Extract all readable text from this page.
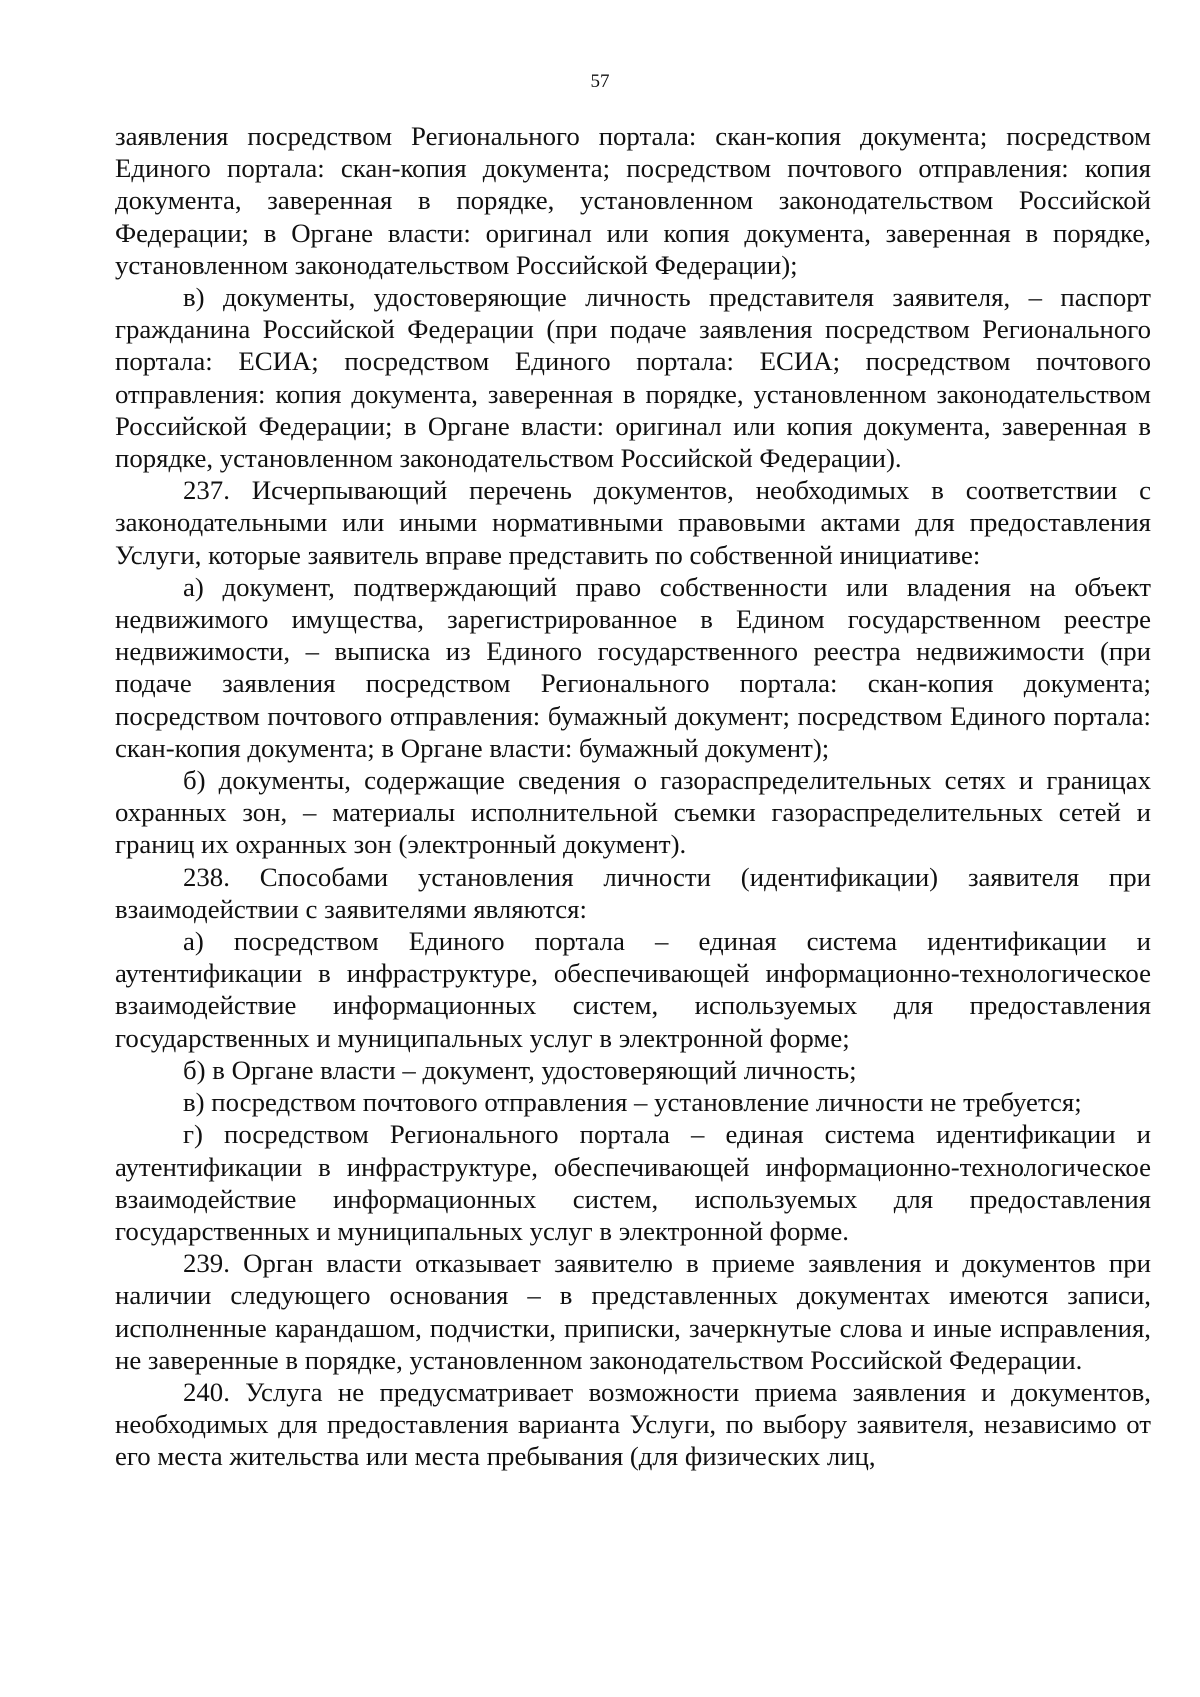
57

заявления посредством Регионального портала: скан-копия документа; посредством Единого портала: скан-копия документа; посредством почтового отправления: копия документа, заверенная в порядке, установленном законодательством Российской Федерации; в Органе власти: оригинал или копия документа, заверенная в порядке, установленном законодательством Российской Федерации);

в) документы, удостоверяющие личность представителя заявителя, – паспорт гражданина Российской Федерации (при подаче заявления посредством Регионального портала: ЕСИА; посредством Единого портала: ЕСИА; посредством почтового отправления: копия документа, заверенная в порядке, установленном законодательством Российской Федерации; в Органе власти: оригинал или копия документа, заверенная в порядке, установленном законодательством Российской Федерации).

237. Исчерпывающий перечень документов, необходимых в соответствии с законодательными или иными нормативными правовыми актами для предоставления Услуги, которые заявитель вправе представить по собственной инициативе:

а) документ, подтверждающий право собственности или владения на объект недвижимого имущества, зарегистрированное в Едином государственном реестре недвижимости, – выписка из Единого государственного реестра недвижимости (при подаче заявления посредством Регионального портала: скан-копия документа; посредством почтового отправления: бумажный документ; посредством Единого портала: скан-копия документа; в Органе власти: бумажный документ);

б) документы, содержащие сведения о газораспределительных сетях и границах охранных зон, – материалы исполнительной съемки газораспределительных сетей и границ их охранных зон (электронный документ).

238. Способами установления личности (идентификации) заявителя при взаимодействии с заявителями являются:

а) посредством Единого портала – единая система идентификации и аутентификации в инфраструктуре, обеспечивающей информационно-технологическое взаимодействие информационных систем, используемых для предоставления государственных и муниципальных услуг в электронной форме;

б) в Органе власти – документ, удостоверяющий личность;

в) посредством почтового отправления – установление личности не требуется;

г) посредством Регионального портала – единая система идентификации и аутентификации в инфраструктуре, обеспечивающей информационно-технологическое взаимодействие информационных систем, используемых для предоставления государственных и муниципальных услуг в электронной форме.

239. Орган власти отказывает заявителю в приеме заявления и документов при наличии следующего основания – в представленных документах имеются записи, исполненные карандашом, подчистки, приписки, зачеркнутые слова и иные исправления, не заверенные в порядке, установленном законодательством Российской Федерации.

240. Услуга не предусматривает возможности приема заявления и документов, необходимых для предоставления варианта Услуги, по выбору заявителя, независимо от его места жительства или места пребывания (для физических лиц,
